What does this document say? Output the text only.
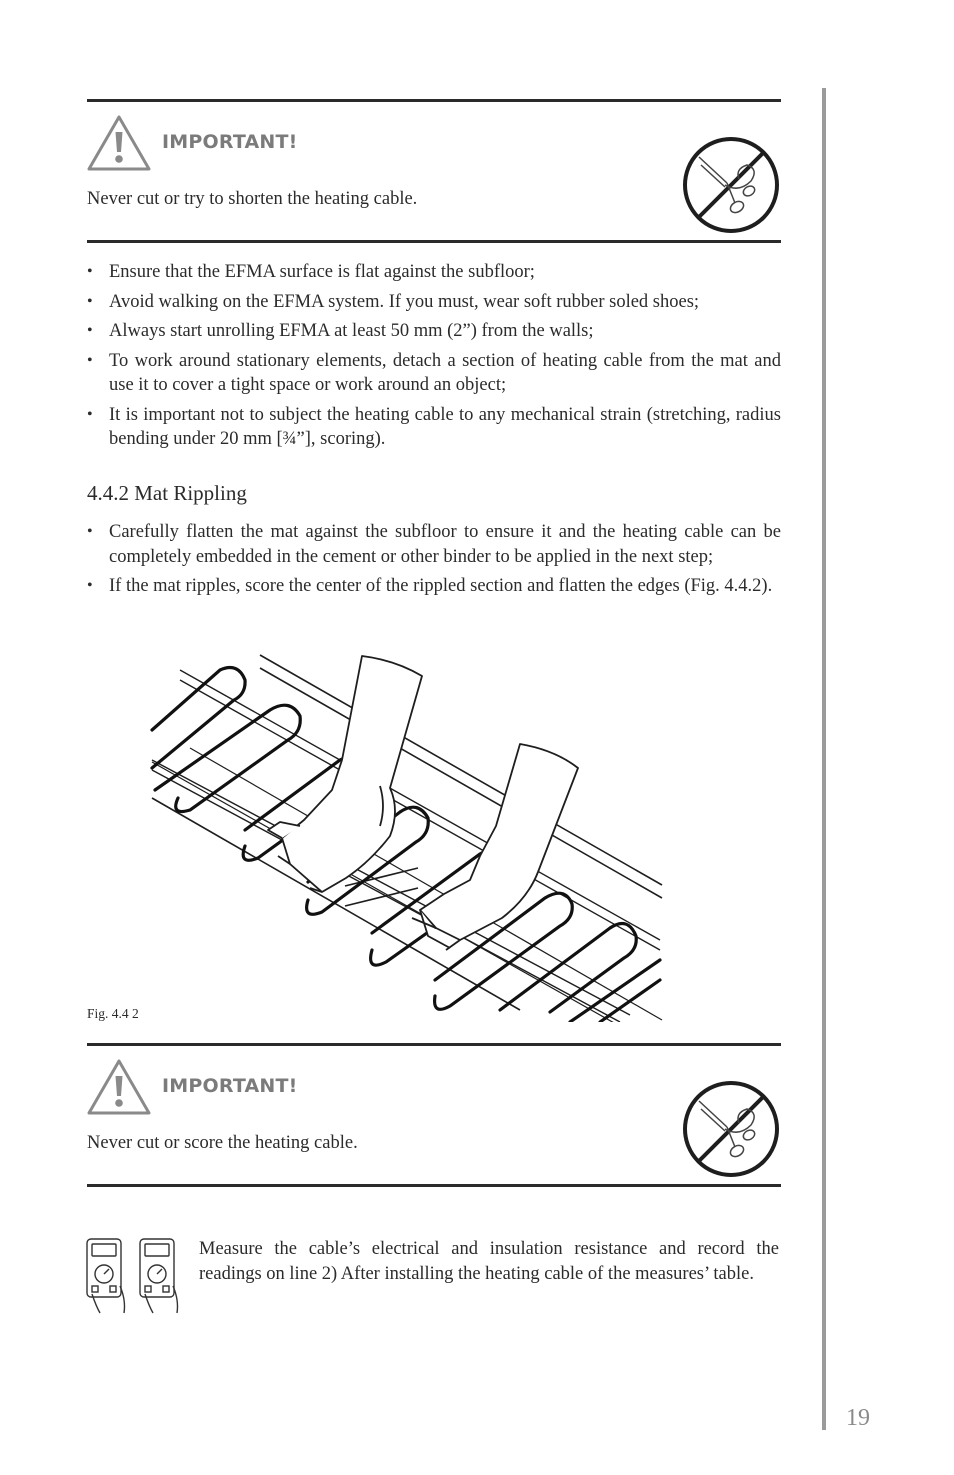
IMPORTANT!
Never cut or try to shorten the heating cable.
• Ensure that the EFMA surface is flat against the subfloor;
• Avoid walking on the EFMA system. If you must, wear soft rubber soled shoes;
• Always start unrolling EFMA at least 50 mm (2”) from the walls;
• To work around stationary elements, detach a section of heating cable from the mat and use it to cover a tight space or work around an object;
• It is important not to subject the heating cable to any mechanical strain (stretching, radius bending under 20 mm [¾”], scoring).
4.4.2 Mat Rippling
• Carefully flatten the mat against the subfloor to ensure it and the heating cable can be completely embedded in the cement or other binder to be applied in the next step;
• If the mat ripples, score the center of the rippled section and flatten the edges (Fig. 4.4.2).
Fig. 4.4 2
IMPORTANT!
Never cut or score the heating cable.
Measure the cable’s electrical and insulation resistance and record the readings on line 2) After installing the heating cable of the measures’ table.
19
